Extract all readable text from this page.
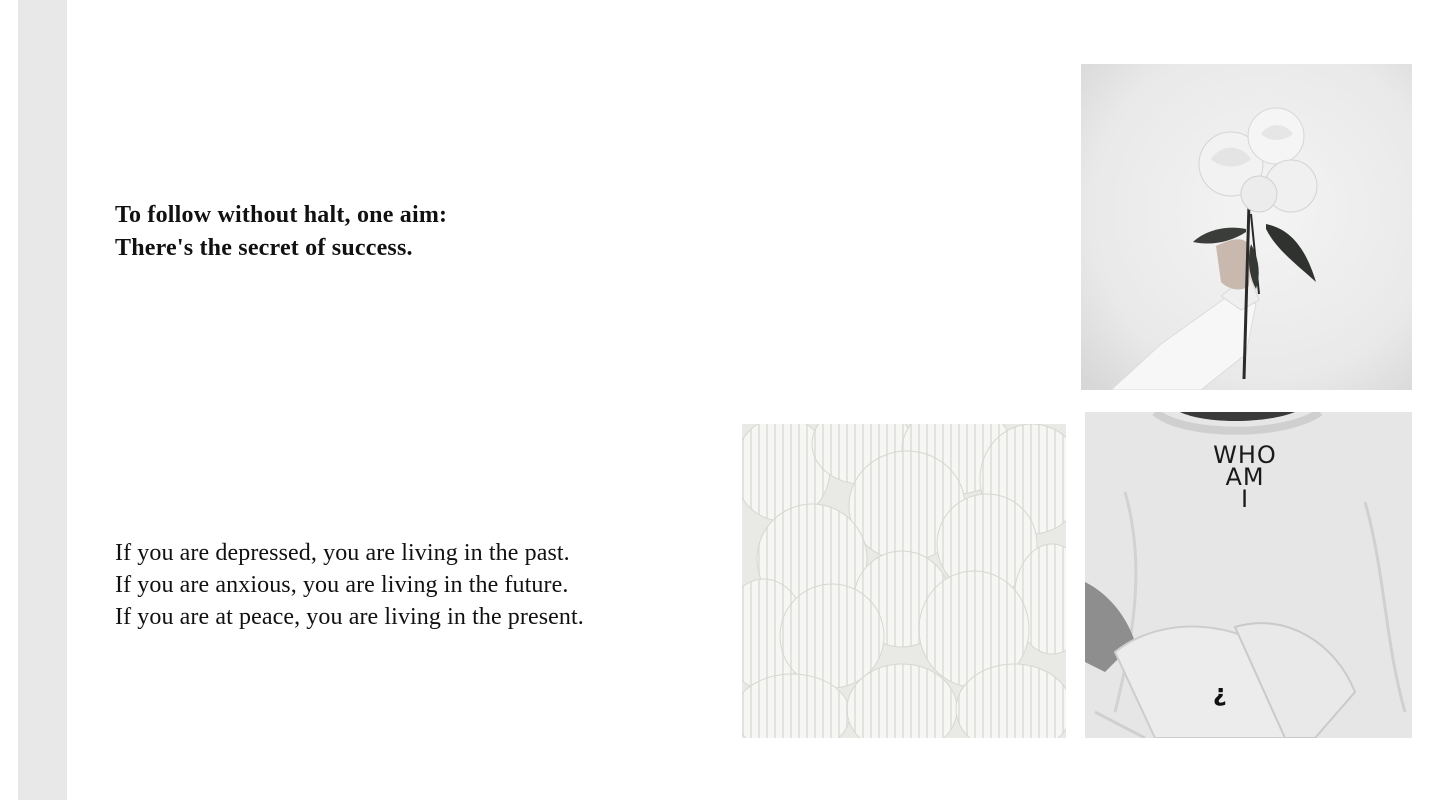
To follow without halt, one aim:
There's the secret of success.
If you are depressed, you are living in the past.
If you are anxious, you are living in the future.
If you are at peace, you are living in the present.
WHO
AM
I
?
